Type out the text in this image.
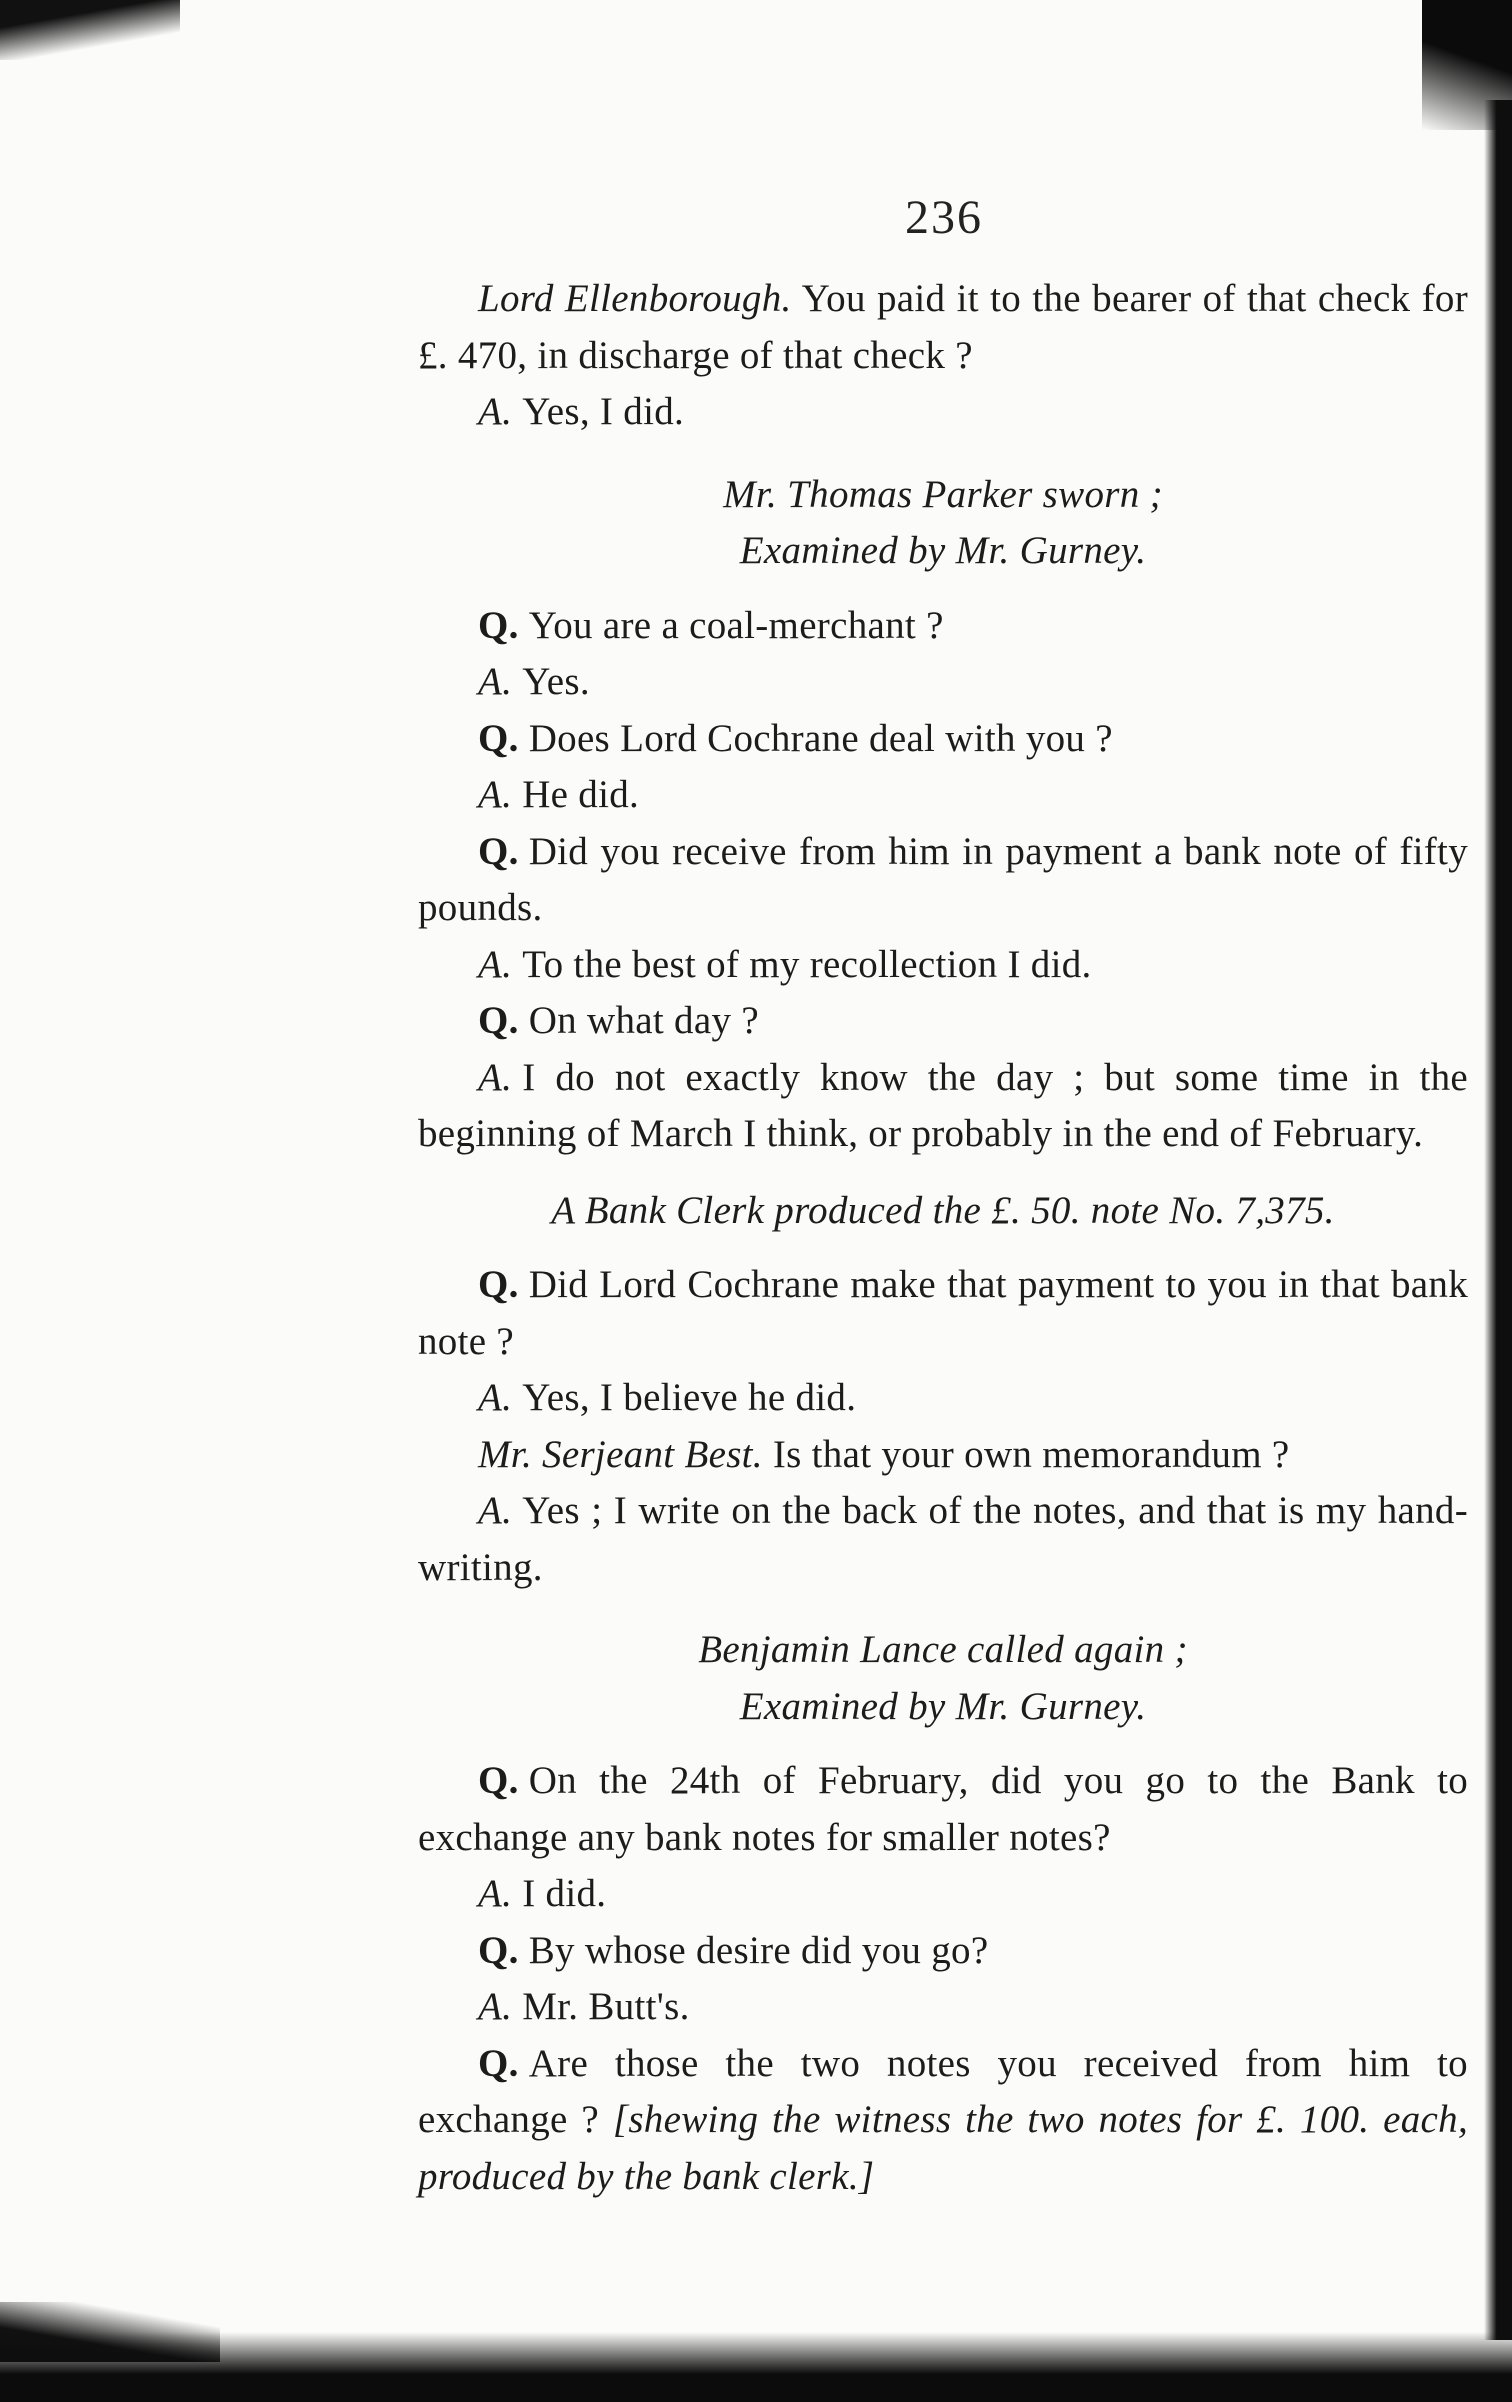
236

Lord Ellenborough. You paid it to the bearer of that check for £. 470, in discharge of that check ?

A. Yes, I did.

Mr. Thomas Parker sworn ;

Examined by Mr. Gurney.

Q. You are a coal-merchant ?

A. Yes.

Q. Does Lord Cochrane deal with you ?

A. He did.

Q. Did you receive from him in payment a bank note of fifty pounds.

A. To the best of my recollection I did.

Q. On what day ?

A. I do not exactly know the day ; but some time in the beginning of March I think, or probably in the end of February.

A Bank Clerk produced the £. 50. note No. 7,375.

Q. Did Lord Cochrane make that payment to you in that bank note ?

A. Yes, I believe he did.

Mr. Serjeant Best. Is that your own memorandum ?

A. Yes ; I write on the back of the notes, and that is my hand-writing.

Benjamin Lance called again ;

Examined by Mr. Gurney.

Q. On the 24th of February, did you go to the Bank to exchange any bank notes for smaller notes?

A. I did.

Q. By whose desire did you go?

A. Mr. Butt's.

Q. Are those the two notes you received from him to exchange ? [shewing the witness the two notes for £. 100. each, produced by the bank clerk.]
